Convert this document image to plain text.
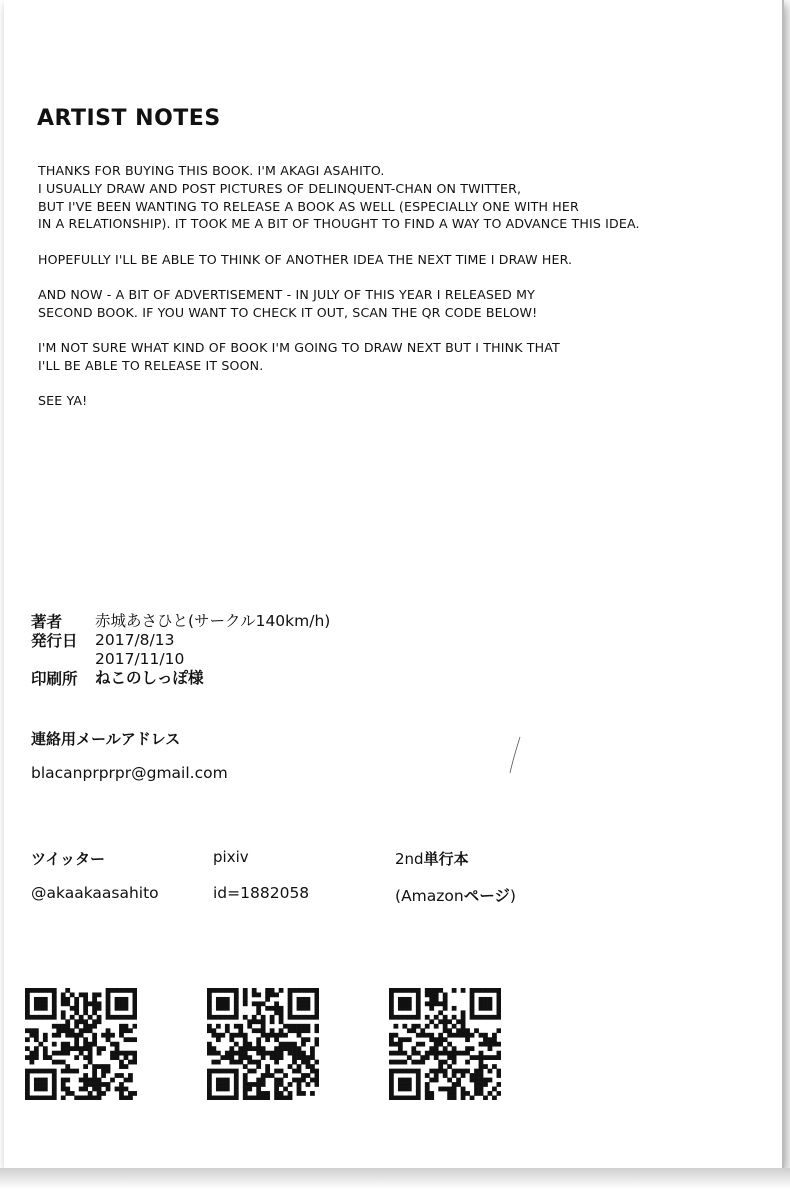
ARTIST NOTES

THANKS FOR BUYING THIS BOOK. I'M AKAGI ASAHITO.
I USUALLY DRAW AND POST PICTURES OF DELINQUENT-CHAN ON TWITTER,
BUT I'VE BEEN WANTING TO RELEASE A BOOK AS WELL (ESPECIALLY ONE WITH HER
IN A RELATIONSHIP). IT TOOK ME A BIT OF THOUGHT TO FIND A WAY TO ADVANCE THIS IDEA.

HOPEFULLY I'LL BE ABLE TO THINK OF ANOTHER IDEA THE NEXT TIME I DRAW HER.

AND NOW - A BIT OF ADVERTISEMENT - IN JULY OF THIS YEAR I RELEASED MY
SECOND BOOK. IF YOU WANT TO CHECK IT OUT, SCAN THE QR CODE BELOW!

I'M NOT SURE WHAT KIND OF BOOK I'M GOING TO DRAW NEXT BUT I THINK THAT
I'LL BE ABLE TO RELEASE IT SOON.

SEE YA!

著者	赤城あさひと(サークル140km/h)
発行日	2017/8/13
2017/11/10
印刷所	ねこのしっぽ様
連絡用メールアドレス
blacanprprpr@gmail.com
ツイッター	pixiv	2nd単行本
@akaakaasahito	id=1882058	(Amazonページ)
